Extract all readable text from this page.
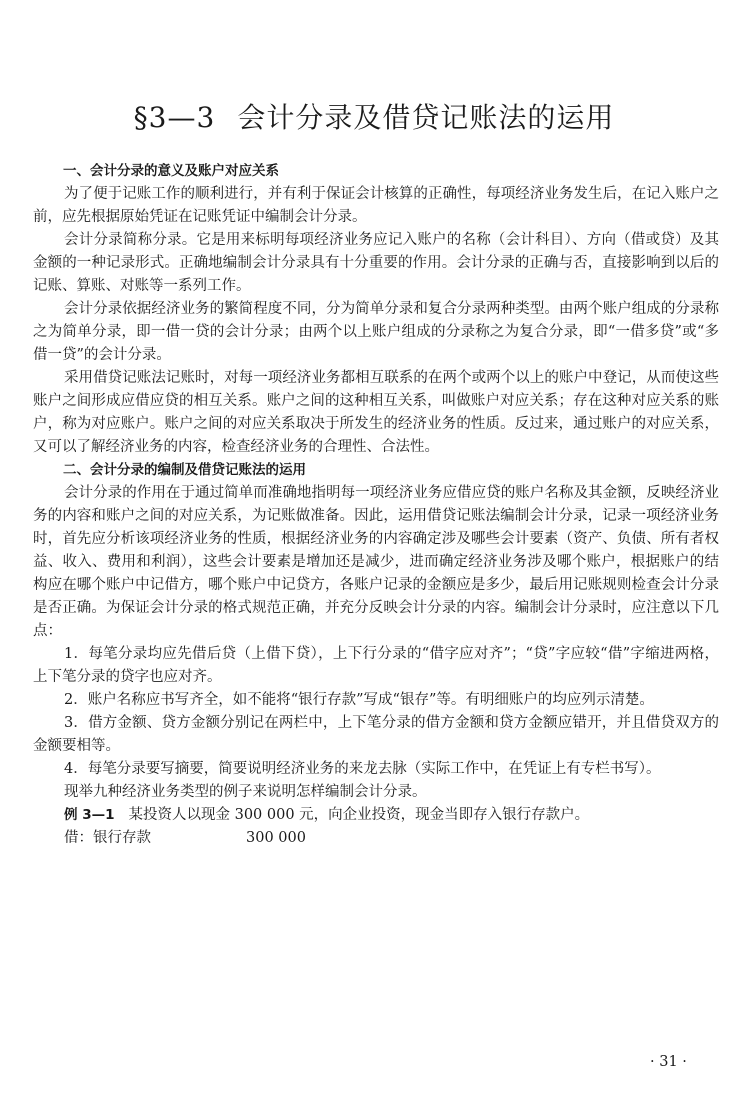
§3—3 会计分录及借贷记账法的运用
一、会计分录的意义及账户对应关系

为了便于记账工作的顺利进行，并有利于保证会计核算的正确性，每项经济业务发生后，在记入账户之前，应先根据原始凭证在记账凭证中编制会计分录。

会计分录简称分录。它是用来标明每项经济业务应记入账户的名称（会计科目）、方向（借或贷）及其金额的一种记录形式。正确地编制会计分录具有十分重要的作用。会计分录的正确与否，直接影响到以后的记账、算账、对账等一系列工作。

会计分录依据经济业务的繁简程度不同，分为简单分录和复合分录两种类型。由两个账户组成的分录称之为简单分录，即一借一贷的会计分录；由两个以上账户组成的分录称之为复合分录，即“一借多贷”或“多借一贷”的会计分录。

采用借贷记账法记账时，对每一项经济业务都相互联系的在两个或两个以上的账户中登记，从而使这些账户之间形成应借应贷的相互关系。账户之间的这种相互关系，叫做账户对应关系；存在这种对应关系的账户，称为对应账户。账户之间的对应关系取决于所发生的经济业务的性质。反过来，通过账户的对应关系，又可以了解经济业务的内容，检查经济业务的合理性、合法性。

二、会计分录的编制及借贷记账法的运用

会计分录的作用在于通过简单而准确地指明每一项经济业务应借应贷的账户名称及其金额，反映经济业务的内容和账户之间的对应关系，为记账做准备。因此，运用借贷记账法编制会计分录，记录一项经济业务时，首先应分析该项经济业务的性质，根据经济业务的内容确定涉及哪些会计要素（资产、负债、所有者权益、收入、费用和利润），这些会计要素是增加还是减少，进而确定经济业务涉及哪个账户，根据账户的结构应在哪个账户中记借方，哪个账户中记贷方，各账户记录的金额应是多少，最后用记账规则检查会计分录是否正确。为保证会计分录的格式规范正确，并充分反映会计分录的内容。编制会计分录时，应注意以下几点：

1．每笔分录均应先借后贷（上借下贷），上下行分录的“借字应对齐”；“贷”字应较“借”字缩进两格，上下笔分录的贷字也应对齐。

2．账户名称应书写齐全，如不能将“银行存款”写成“银存”等。有明细账户的均应列示清楚。

3．借方金额、贷方金额分别记在两栏中，上下笔分录的借方金额和贷方金额应错开，并且借贷双方的金额要相等。

4．每笔分录要写摘要，简要说明经济业务的来龙去脉（实际工作中，在凭证上有专栏书写）。

现举九种经济业务类型的例子来说明怎样编制会计分录。

例 3—1 某投资人以现金 300 000 元，向企业投资，现金当即存入银行存款户。
借：银行存款	300 000
· 31 ·
